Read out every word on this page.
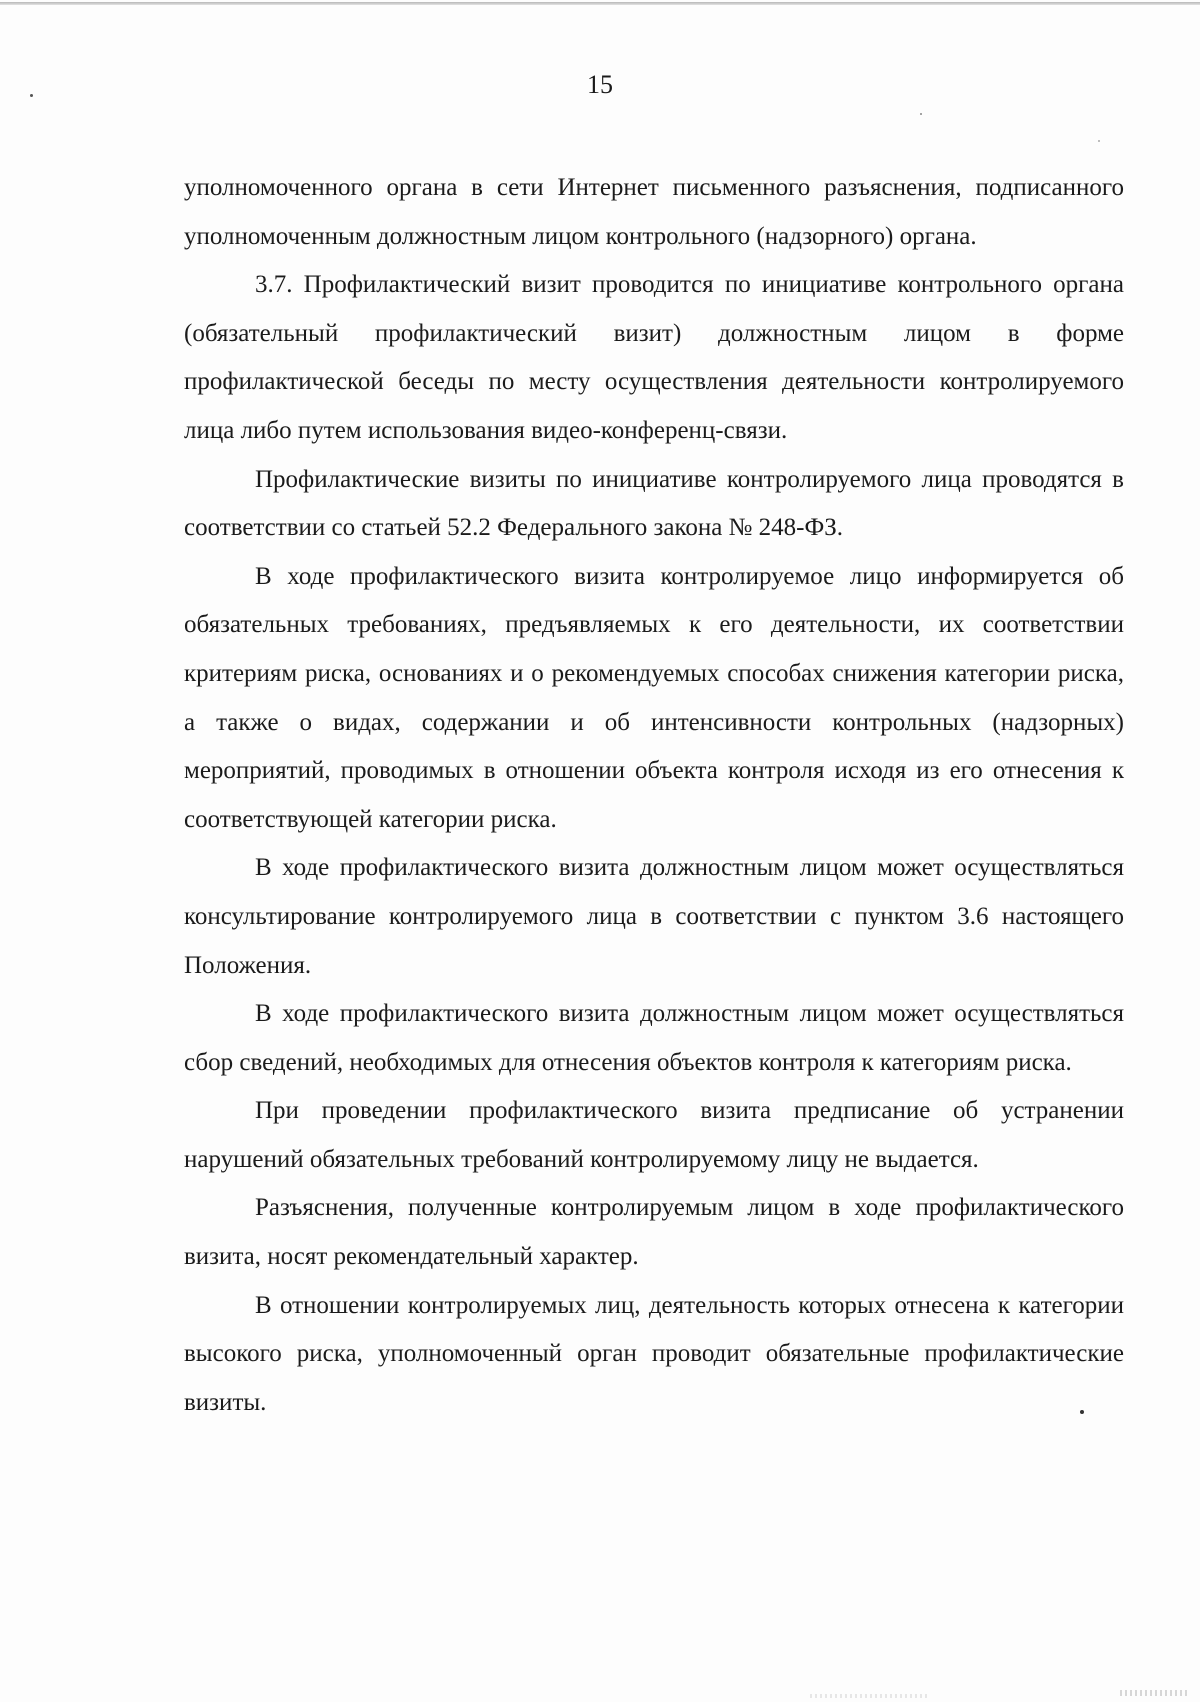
15

уполномоченного органа в сети Интернет письменного разъяснения, подписанного уполномоченным должностным лицом контрольного (надзорного) органа.

3.7. Профилактический визит проводится по инициативе контрольного органа (обязательный профилактический визит) должностным лицом в форме профилактической беседы по месту осуществления деятельности контролируемого лица либо путем использования видео-конференц-связи.

Профилактические визиты по инициативе контролируемого лица проводятся в соответствии со статьей 52.2 Федерального закона № 248-ФЗ.

В ходе профилактического визита контролируемое лицо информируется об обязательных требованиях, предъявляемых к его деятельности, их соответствии критериям риска, основаниях и о рекомендуемых способах снижения категории риска, а также о видах, содержании и об интенсивности контрольных (надзорных) мероприятий, проводимых в отношении объекта контроля исходя из его отнесения к соответствующей категории риска.

В ходе профилактического визита должностным лицом может осуществляться консультирование контролируемого лица в соответствии с пунктом 3.6 настоящего Положения.

В ходе профилактического визита должностным лицом может осуществляться сбор сведений, необходимых для отнесения объектов контроля к категориям риска.

При проведении профилактического визита предписание об устранении нарушений обязательных требований контролируемому лицу не выдается.

Разъяснения, полученные контролируемым лицом в ходе профилактического визита, носят рекомендательный характер.

В отношении контролируемых лиц, деятельность которых отнесена к категории высокого риска, уполномоченный орган проводит обязательные профилактические визиты.
